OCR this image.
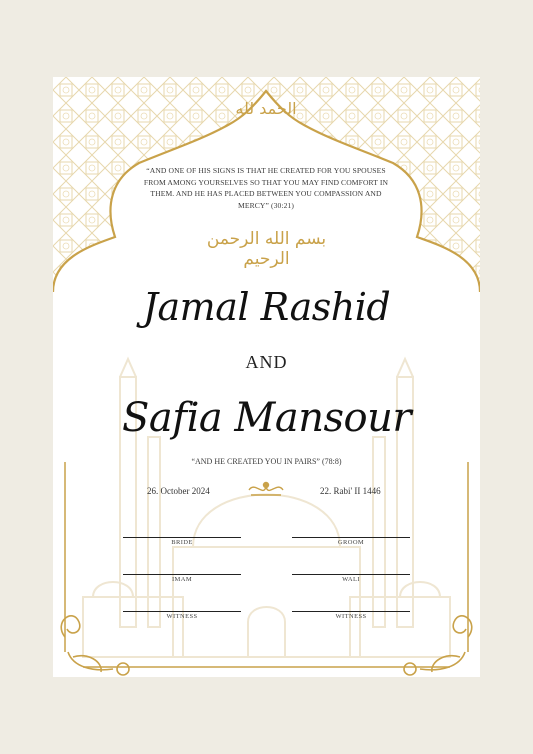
الحمد لله
“AND ONE OF HIS SIGNS IS THAT HE CREATED FOR YOU SPOUSES FROM AMONG YOURSELVES SO THAT YOU MAY FIND COMFORT IN THEM. AND HE HAS PLACED BETWEEN YOU COMPASSION AND MERCY” (30:21)
بسم الله الرحمن الرحيم
Jamal Rashid
AND
Safia Mansour
“AND HE CREATED YOU IN PAIRS” (78:8)
26. October 2024	22. Rabi' II 1446
BRIDE	GROOM
IMAM	WALI
WITNESS	WITNESS
